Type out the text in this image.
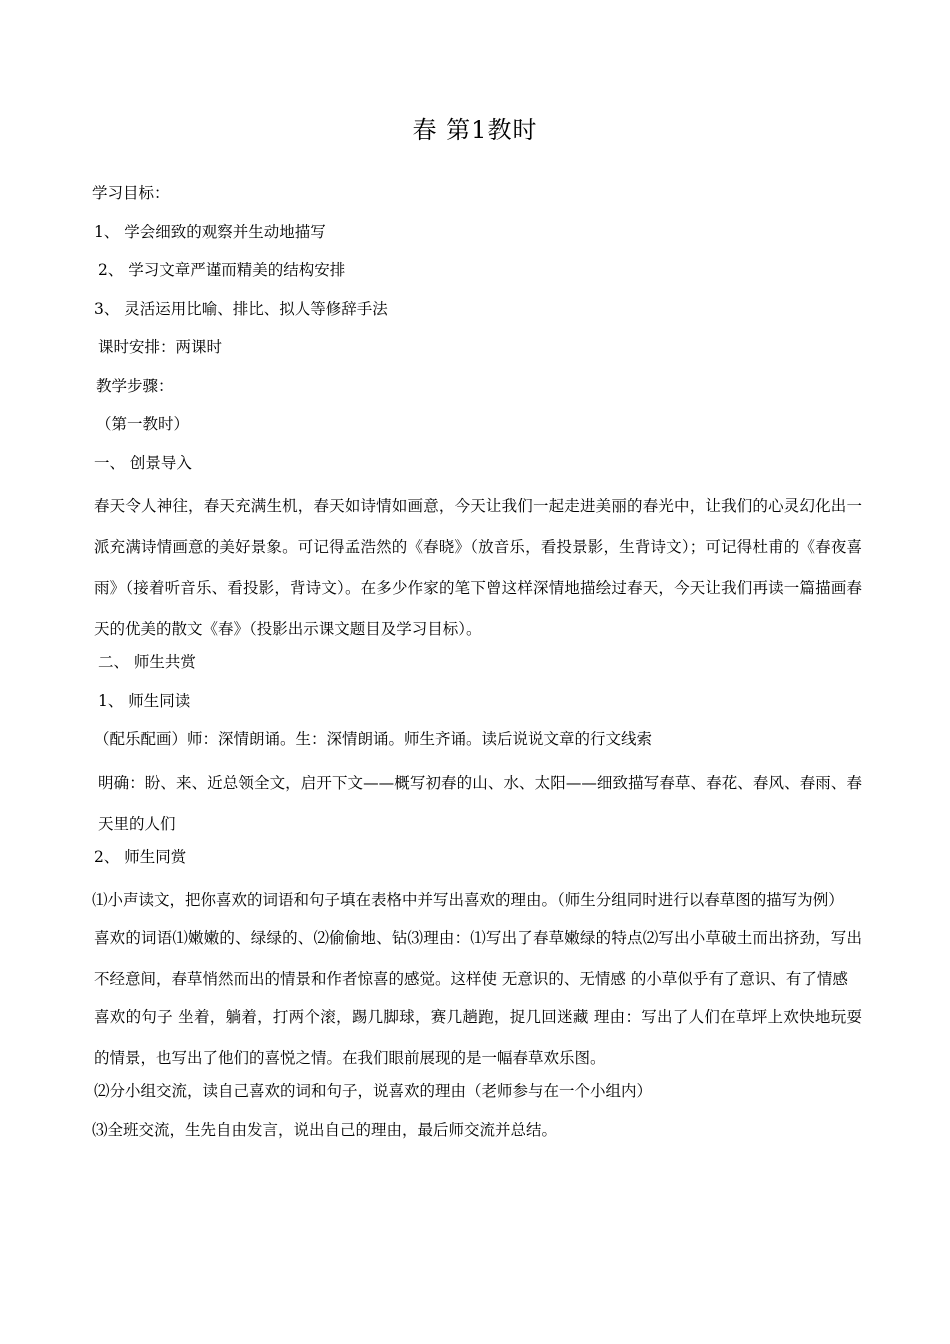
春 第1教时
学习目标：
1、 学会细致的观察并生动地描写
2、 学习文章严谨而精美的结构安排
3、 灵活运用比喻、排比、拟人等修辞手法
课时安排：两课时
教学步骤：
（第一教时）
一、 创景导入
春天令人神往，春天充满生机，春天如诗情如画意，今天让我们一起走进美丽的春光中，让我们的心灵幻化出一派充满诗情画意的美好景象。可记得孟浩然的《春晓》（放音乐，看投景影，生背诗文）；可记得杜甫的《春夜喜雨》（接着听音乐、看投影，背诗文）。在多少作家的笔下曾这样深情地描绘过春天，今天让我们再读一篇描画春天的优美的散文《春》（投影出示课文题目及学习目标）。
二、 师生共赏
1、 师生同读
（配乐配画）师：深情朗诵。生：深情朗诵。师生齐诵。读后说说文章的行文线索
明确：盼、来、近总领全文，启开下文——概写初春的山、水、太阳——细致描写春草、春花、春风、春雨、春天里的人们
2、 师生同赏
⑴小声读文，把你喜欢的词语和句子填在表格中并写出喜欢的理由。（师生分组同时进行以春草图的描写为例）
喜欢的词语⑴嫩嫩的、绿绿的、⑵偷偷地、钻⑶理由：⑴写出了春草嫩绿的特点⑵写出小草破土而出挤劲，写出不经意间，春草悄然而出的情景和作者惊喜的感觉。这样使 无意识的、无情感 的小草似乎有了意识、有了情感
喜欢的句子 坐着，躺着，打两个滚，踢几脚球，赛几趟跑，捉几回迷藏 理由：写出了人们在草坪上欢快地玩耍的情景，也写出了他们的喜悦之情。在我们眼前展现的是一幅春草欢乐图。
⑵分小组交流，读自己喜欢的词和句子，说喜欢的理由（老师参与在一个小组内）
⑶全班交流，生先自由发言，说出自己的理由，最后师交流并总结。
